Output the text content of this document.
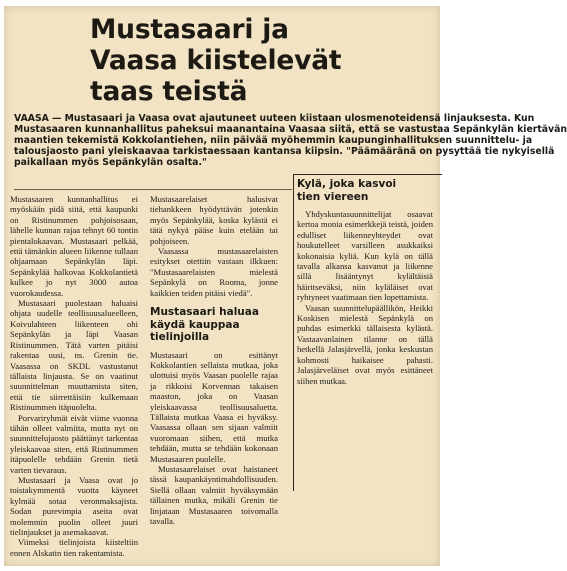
Mustasaari ja
Vaasa kiistelevät
taas teistä

VAASA — Mustasaari ja Vaasa ovat ajautuneet uuteen kiistaan ulosmenoteidensä linjauksesta. Kun
Mustasaaren kunnanhallitus paheksui maanantaina Vaasaa siitä, että se vastustaa Sepänkylän kiertävän
maantien tekemistä Kokkolantiehen, niin päivää myöhemmin kaupunginhallituksen suunnittelu- ja
talousjaosto pani yleiskaavaa tarkistaessaan kantansa kiipsin. "Päämääränä on pysyttää tie nykyisellä
paikallaan myös Sepänkylän osalta."

Mustasaaren kunnanhallitus ei myöskään pidä siitä, että kaupunki on Ristinummen pohjoisosaan, lähelle kunnan rajaa tehnyt 60 tontin pientalokaavan. Mustasaari pelkää, että tämänkin alueen liikenne tullaan ohjaamaan Sepänkylän läpi. Sepänkylää halkovaa Kokkolantietä kulkee jo nyt 3000 autoa vuorokaudessa.

Mustasaari puolestaan haluaisi ohjata uudelle teollisuusalueelleen, Koivulahteen liikenteen ohi Sepänkylän ja läpi Vaasan Ristinummen. Tätä varten pitäisi rakentaa uusi, ns. Grenin tie. Vaasassa on SKDL vastustanut tällaista linjausta. Se on vaatinut suunnittelman muuttamista siten, että tie siirrettäisiin kulkemaan Ristinummen itäpuolelta.

Porvariryhmät eivät viime vuonna tähän olleet valmiita, mutta nyt on suunnittelujaosto päättänyt tarkentaa yleiskaavaa siten, että Ristinummen itäpuolelle tehdään Grenin tietä varten tievaraus.

Mustasaari ja Vaasa ovat jo toistakymmentä vuotta käyneet kylmää sotaa veronmaksajista. Sodan purevimpia aseita ovat molemmin puolin olleet juuri tielinjaukset ja asemakaavat.

Viimeksi tielinjoista kiisteltiin ennen Alskatin tien rakentamista.

Mustasaarelaiset halusivat tiehankkeen hyödyttävän jotenkin myös Sepänkylää, koska kylästä ei tätä nykyä pääse kuin etelään tai pohjoiseen.

Vaasassa mustasaarelaisten esitykset otettiin vastaan ilkkuen: "Mustasaarelaisten mielestä Sepänkylä on Rooma, jonne kaikkien teiden pitäisi viedä".

Mustasaari haluaa
käydä kauppaa
tielinjoilla

Mustasaari on esittänyt Kokkolantien sellaista mutkaa, joka ulottuisi myös Vaasan puolelle rajaa ja rikkoisi Korvennan takaisen maaston, joka on Vaasan yleiskaavassa teollisuusaluetta. Tällaista mutkaa Vaasa ei hyväksy. Vaasassa ollaan sen sijaan valmiit vuoromaan siihen, että mutka tehdään, mutta se tehdään kokonaan Mustasaaren puolelle.

Mustasaarelaiset ovat haistaneet tässä kaupankäyntimahdollisuuden. Siellä ollaan valmiit hyväksymään tällainen mutka, mikäli Grenin tie linjataan Mustasaaren toivomalla tavalla.

Kylä, joka kasvoi
tien viereen

Yhdyskuntasuunnittelijat osaavat kertoa monia esimerkkejä teistä, joiden edulliset liikenneyhteydet ovat houkutelleet varsilleen asukkaiksi kokonaisia kyliä. Kun kylä on tällä tavalla alkansa kasvanut ja liikenne sillä lisääntynyt kylältäisiä häiritseväksi, niin kyläläiset ovat ryhtyneet vaatimaan tien lopettamista.

Vaasan suunnittelupäällikön, Heikki Koskisen mielestä Sepänkylä on puhdas esimerkki tällaisesta kylästä. Vastaavanlainen tilanne on tällä hetkellä Jalasjärvellä, jonka keskustan kohmosti haikaisee pahasti. Jalasjärveläiset ovat myös esittäneet siihen mutkaa.
